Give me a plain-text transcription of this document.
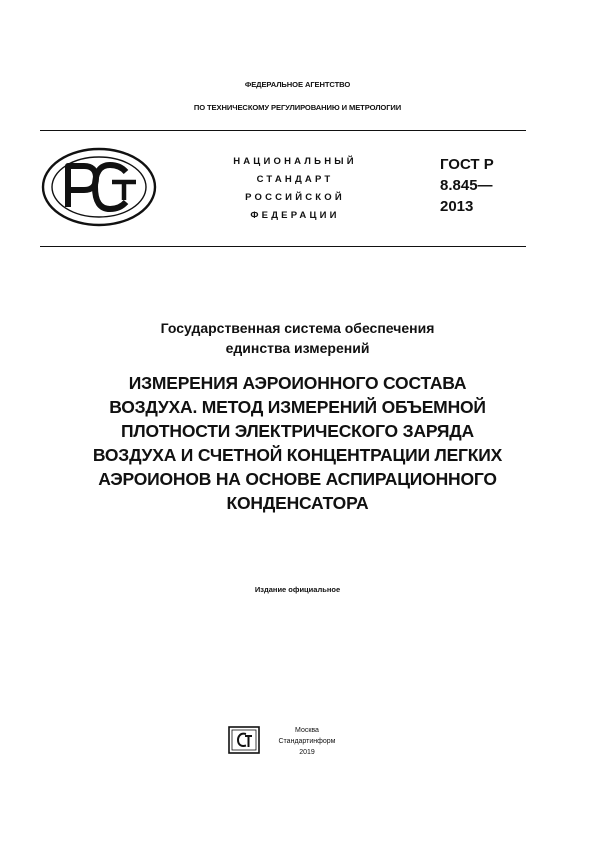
ФЕДЕРАЛЬНОЕ АГЕНТСТВО
ПО ТЕХНИЧЕСКОМУ РЕГУЛИРОВАНИЮ И МЕТРОЛОГИИ
НАЦИОНАЛЬНЫЙ
СТАНДАРТ
РОССИЙСКОЙ
ФЕДЕРАЦИИ
ГОСТ Р
8.845—
2013
Государственная система обеспечения
единства измерений
ИЗМЕРЕНИЯ АЭРОИОННОГО СОСТАВА
ВОЗДУХА. МЕТОД ИЗМЕРЕНИЙ ОБЪЕМНОЙ
ПЛОТНОСТИ ЭЛЕКТРИЧЕСКОГО ЗАРЯДА
ВОЗДУХА И СЧЕТНОЙ КОНЦЕНТРАЦИИ ЛЕГКИХ
АЭРОИОНОВ НА ОСНОВЕ АСПИРАЦИОННОГО
КОНДЕНСАТОРА
Издание официальное
Москва
Стандартинформ
2019
